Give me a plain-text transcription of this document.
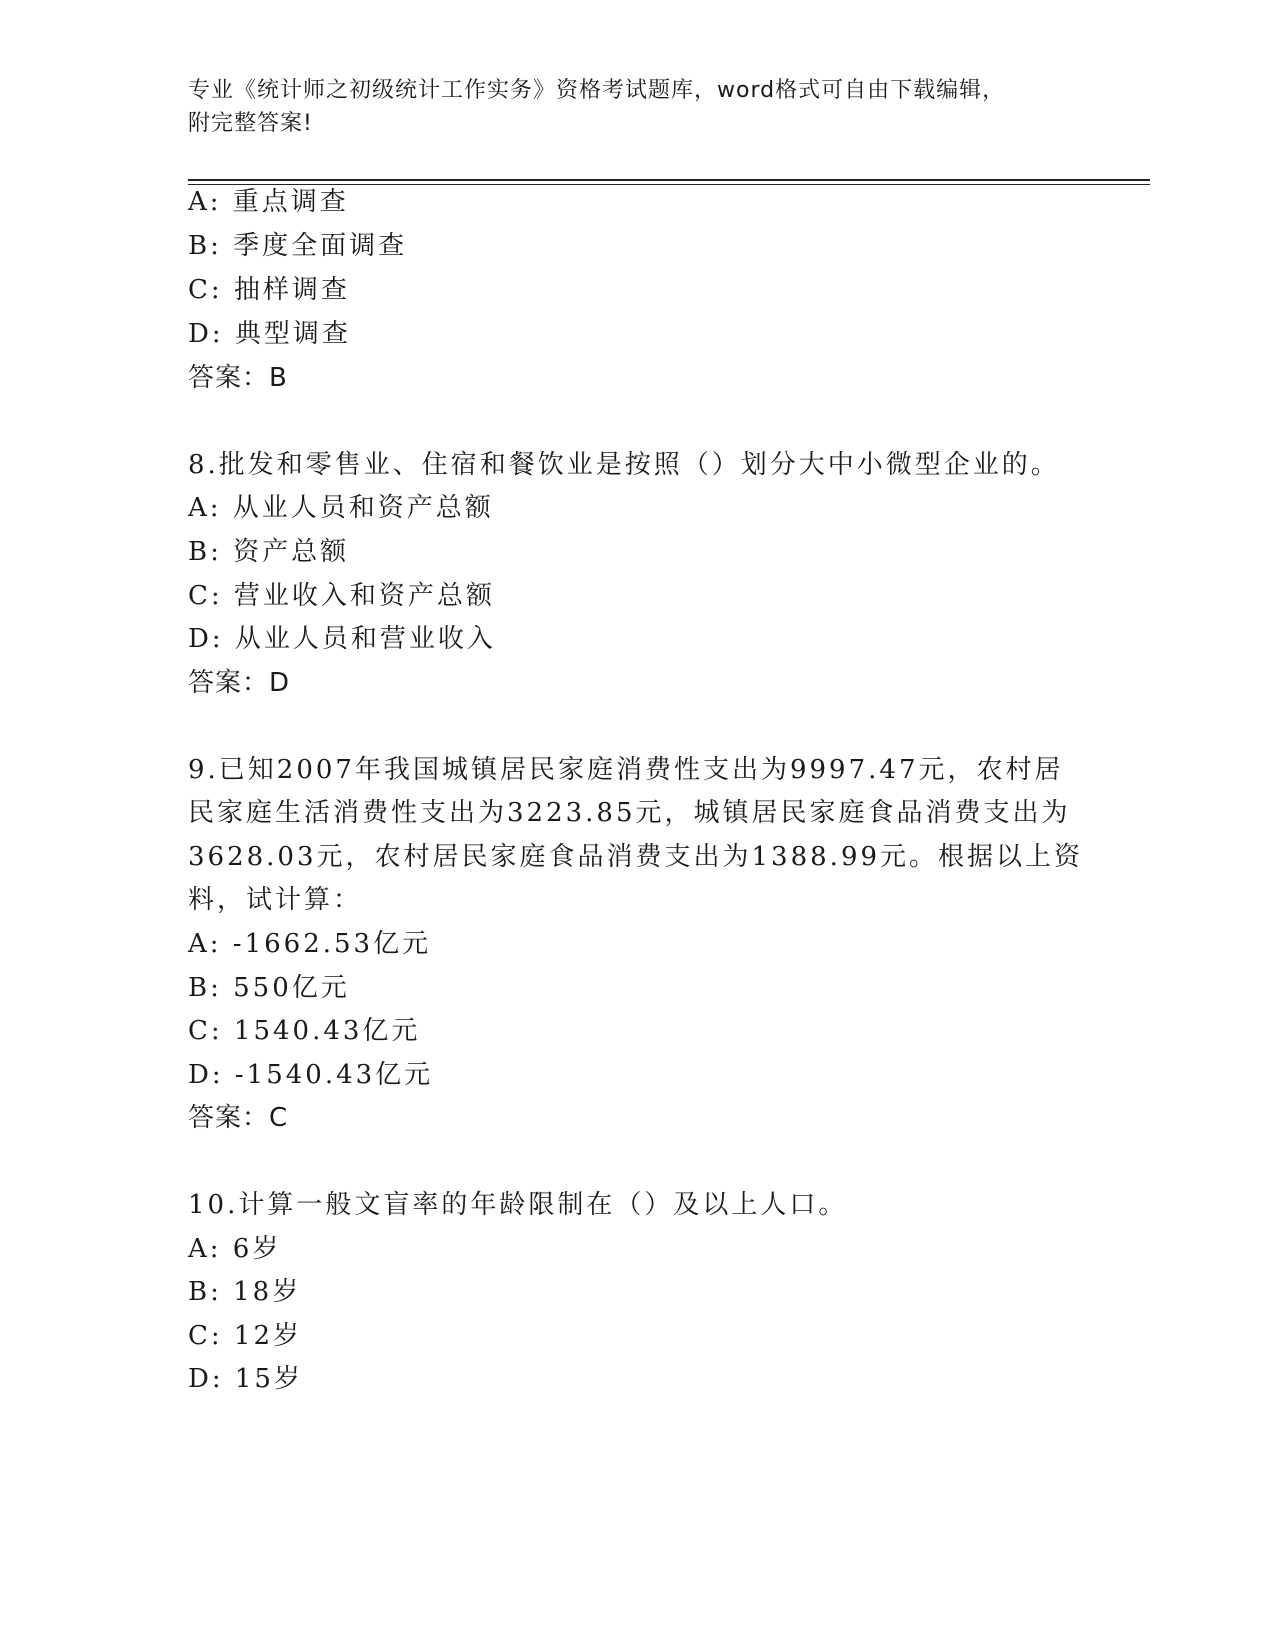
专业《统计师之初级统计工作实务》资格考试题库，word格式可自由下载编辑，
附完整答案!
A: 重点调查
B: 季度全面调查
C: 抽样调查
D: 典型调查
答案：B
8.批发和零售业、住宿和餐饮业是按照（）划分大中小微型企业的。
A: 从业人员和资产总额
B: 资产总额
C: 营业收入和资产总额
D: 从业人员和营业收入
答案：D
9.已知2007年我国城镇居民家庭消费性支出为9997.47元，农村居
民家庭生活消费性支出为3223.85元，城镇居民家庭食品消费支出为
3628.03元，农村居民家庭食品消费支出为1388.99元。根据以上资
料，试计算：
A: -1662.53亿元
B: 550亿元
C: 1540.43亿元
D: -1540.43亿元
答案：C
10.计算一般文盲率的年龄限制在（）及以上人口。
A: 6岁
B: 18岁
C: 12岁
D: 15岁
